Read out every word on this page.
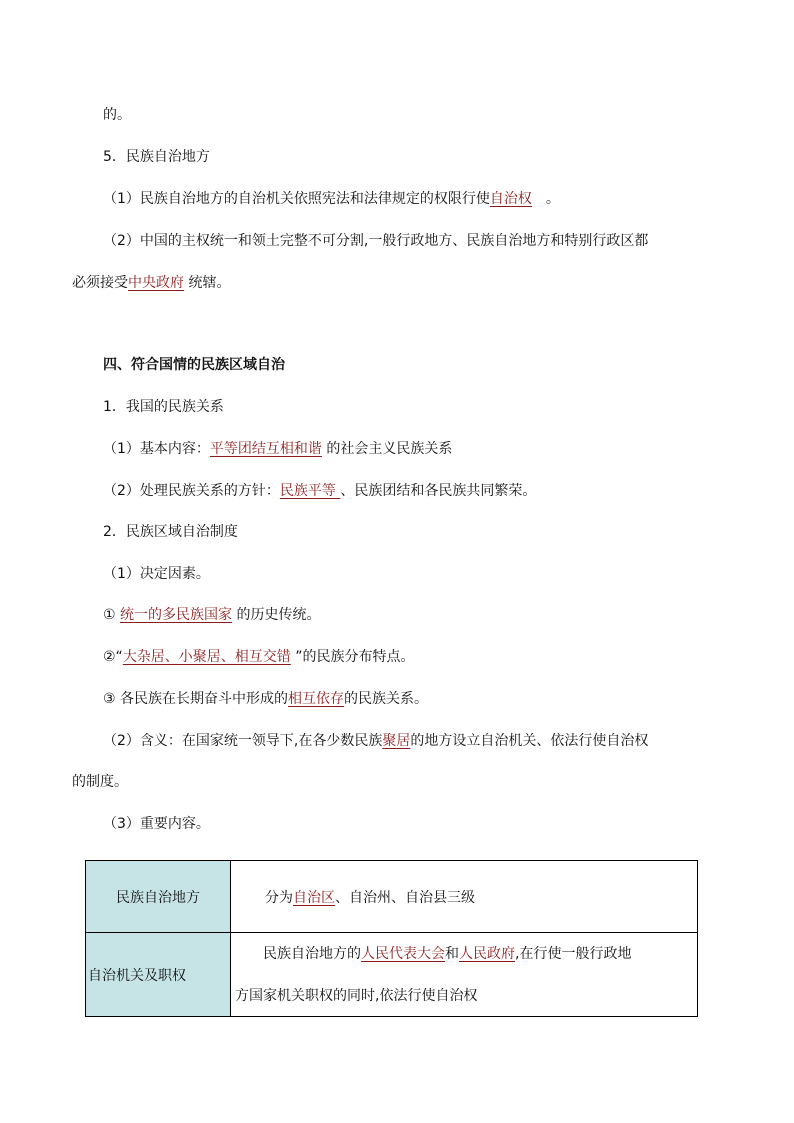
的。
5．民族自治地方
（1）民族自治地方的自治机关依照宪法和法律规定的权限行使自治权　。
（2）中国的主权统一和领土完整不可分割,一般行政地方、民族自治地方和特别行政区都
必须接受中央政府 统辖。
四、符合国情的民族区域自治
1．我国的民族关系
（1）基本内容：平等团结互相和谐 的社会主义民族关系
（2）处理民族关系的方针：民族平等 、民族团结和各民族共同繁荣。
2．民族区域自治制度
（1）决定因素。
① 统一的多民族国家 的历史传统。
②“大杂居、小聚居、相互交错 ”的民族分布特点。
③ 各民族在长期奋斗中形成的相互依存的民族关系。
（2）含义：在国家统一领导下,在各少数民族聚居的地方设立自治机关、依法行使自治权
的制度。
（3）重要内容。
民族自治地方	分为自治区、自治州、自治县三级
自治机关及职权	民族自治地方的人民代表大会和人民政府,在行使一般行政地
方国家机关职权的同时,依法行使自治权
